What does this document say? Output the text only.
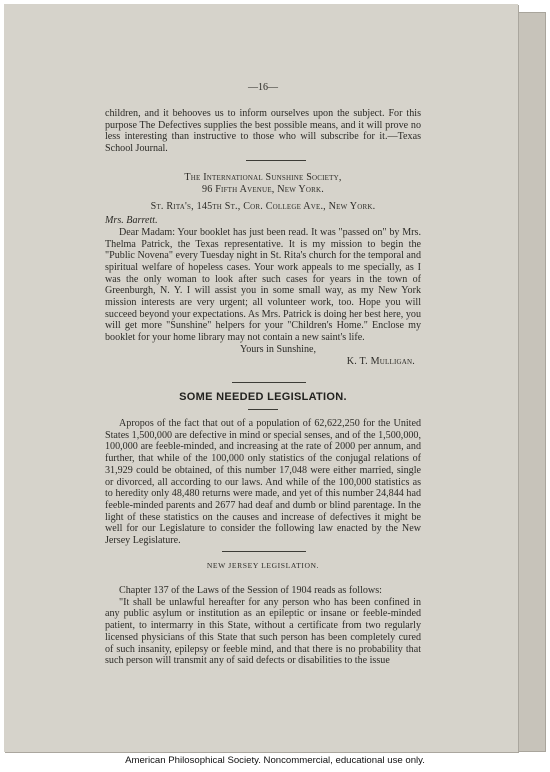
—16—

children, and it behooves us to inform ourselves upon the subject. For this purpose The Defectives supplies the best possible means, and it will prove no less interesting than instructive to those who will subscribe for it.—Texas School Journal.

The International Sunshine Society,

96 Fifth Avenue, New York.

St. Rita's, 145th St., Cor. College Ave., New York.

Mrs. Barrett.

Dear Madam: Your booklet has just been read. It was "passed on" by Mrs. Thelma Patrick, the Texas representative. It is my mission to begin the "Public Novena" every Tuesday night in St. Rita's church for the temporal and spiritual welfare of hopeless cases. Your work appeals to me specially, as I was the only woman to look after such cases for years in the town of Greenburgh, N. Y. I will assist you in some small way, as my New York mission interests are very urgent; all volunteer work, too. Hope you will succeed beyond your expectations. As Mrs. Patrick is doing her best here, you will get more "Sunshine" helpers for your "Children's Home." Enclose my booklet for your home library may not contain a new saint's life.

Yours in Sunshine,

K. T. Mulligan.

SOME NEEDED LEGISLATION.

Apropos of the fact that out of a population of 62,622,250 for the United States 1,500,000 are defective in mind or special senses, and of the 1,500,000, 100,000 are feeble-minded, and increasing at the rate of 2000 per annum, and further, that while of the 100,000 only statistics of the conjugal relations of 31,929 could be obtained, of this number 17,048 were either married, single or divorced, all according to our laws. And while of the 100,000 statistics as to heredity only 48,480 returns were made, and yet of this number 24,844 had feeble-minded parents and 2677 had deaf and dumb or blind parentage. In the light of these statistics on the causes and increase of defectives it might be well for our Legislature to consider the following law enacted by the New Jersey Legislature.

NEW JERSEY LEGISLATION.

Chapter 137 of the Laws of the Session of 1904 reads as follows:

"It shall be unlawful hereafter for any person who has been confined in any public asylum or institution as an epileptic or insane or feeble-minded patient, to intermarry in this State, without a certificate from two regularly licensed physicians of this State that such person has been completely cured of such insanity, epilepsy or feeble mind, and that there is no probability that such person will transmit any of said defects or disabilities to the issue

American Philosophical Society. Noncommercial, educational use only.
